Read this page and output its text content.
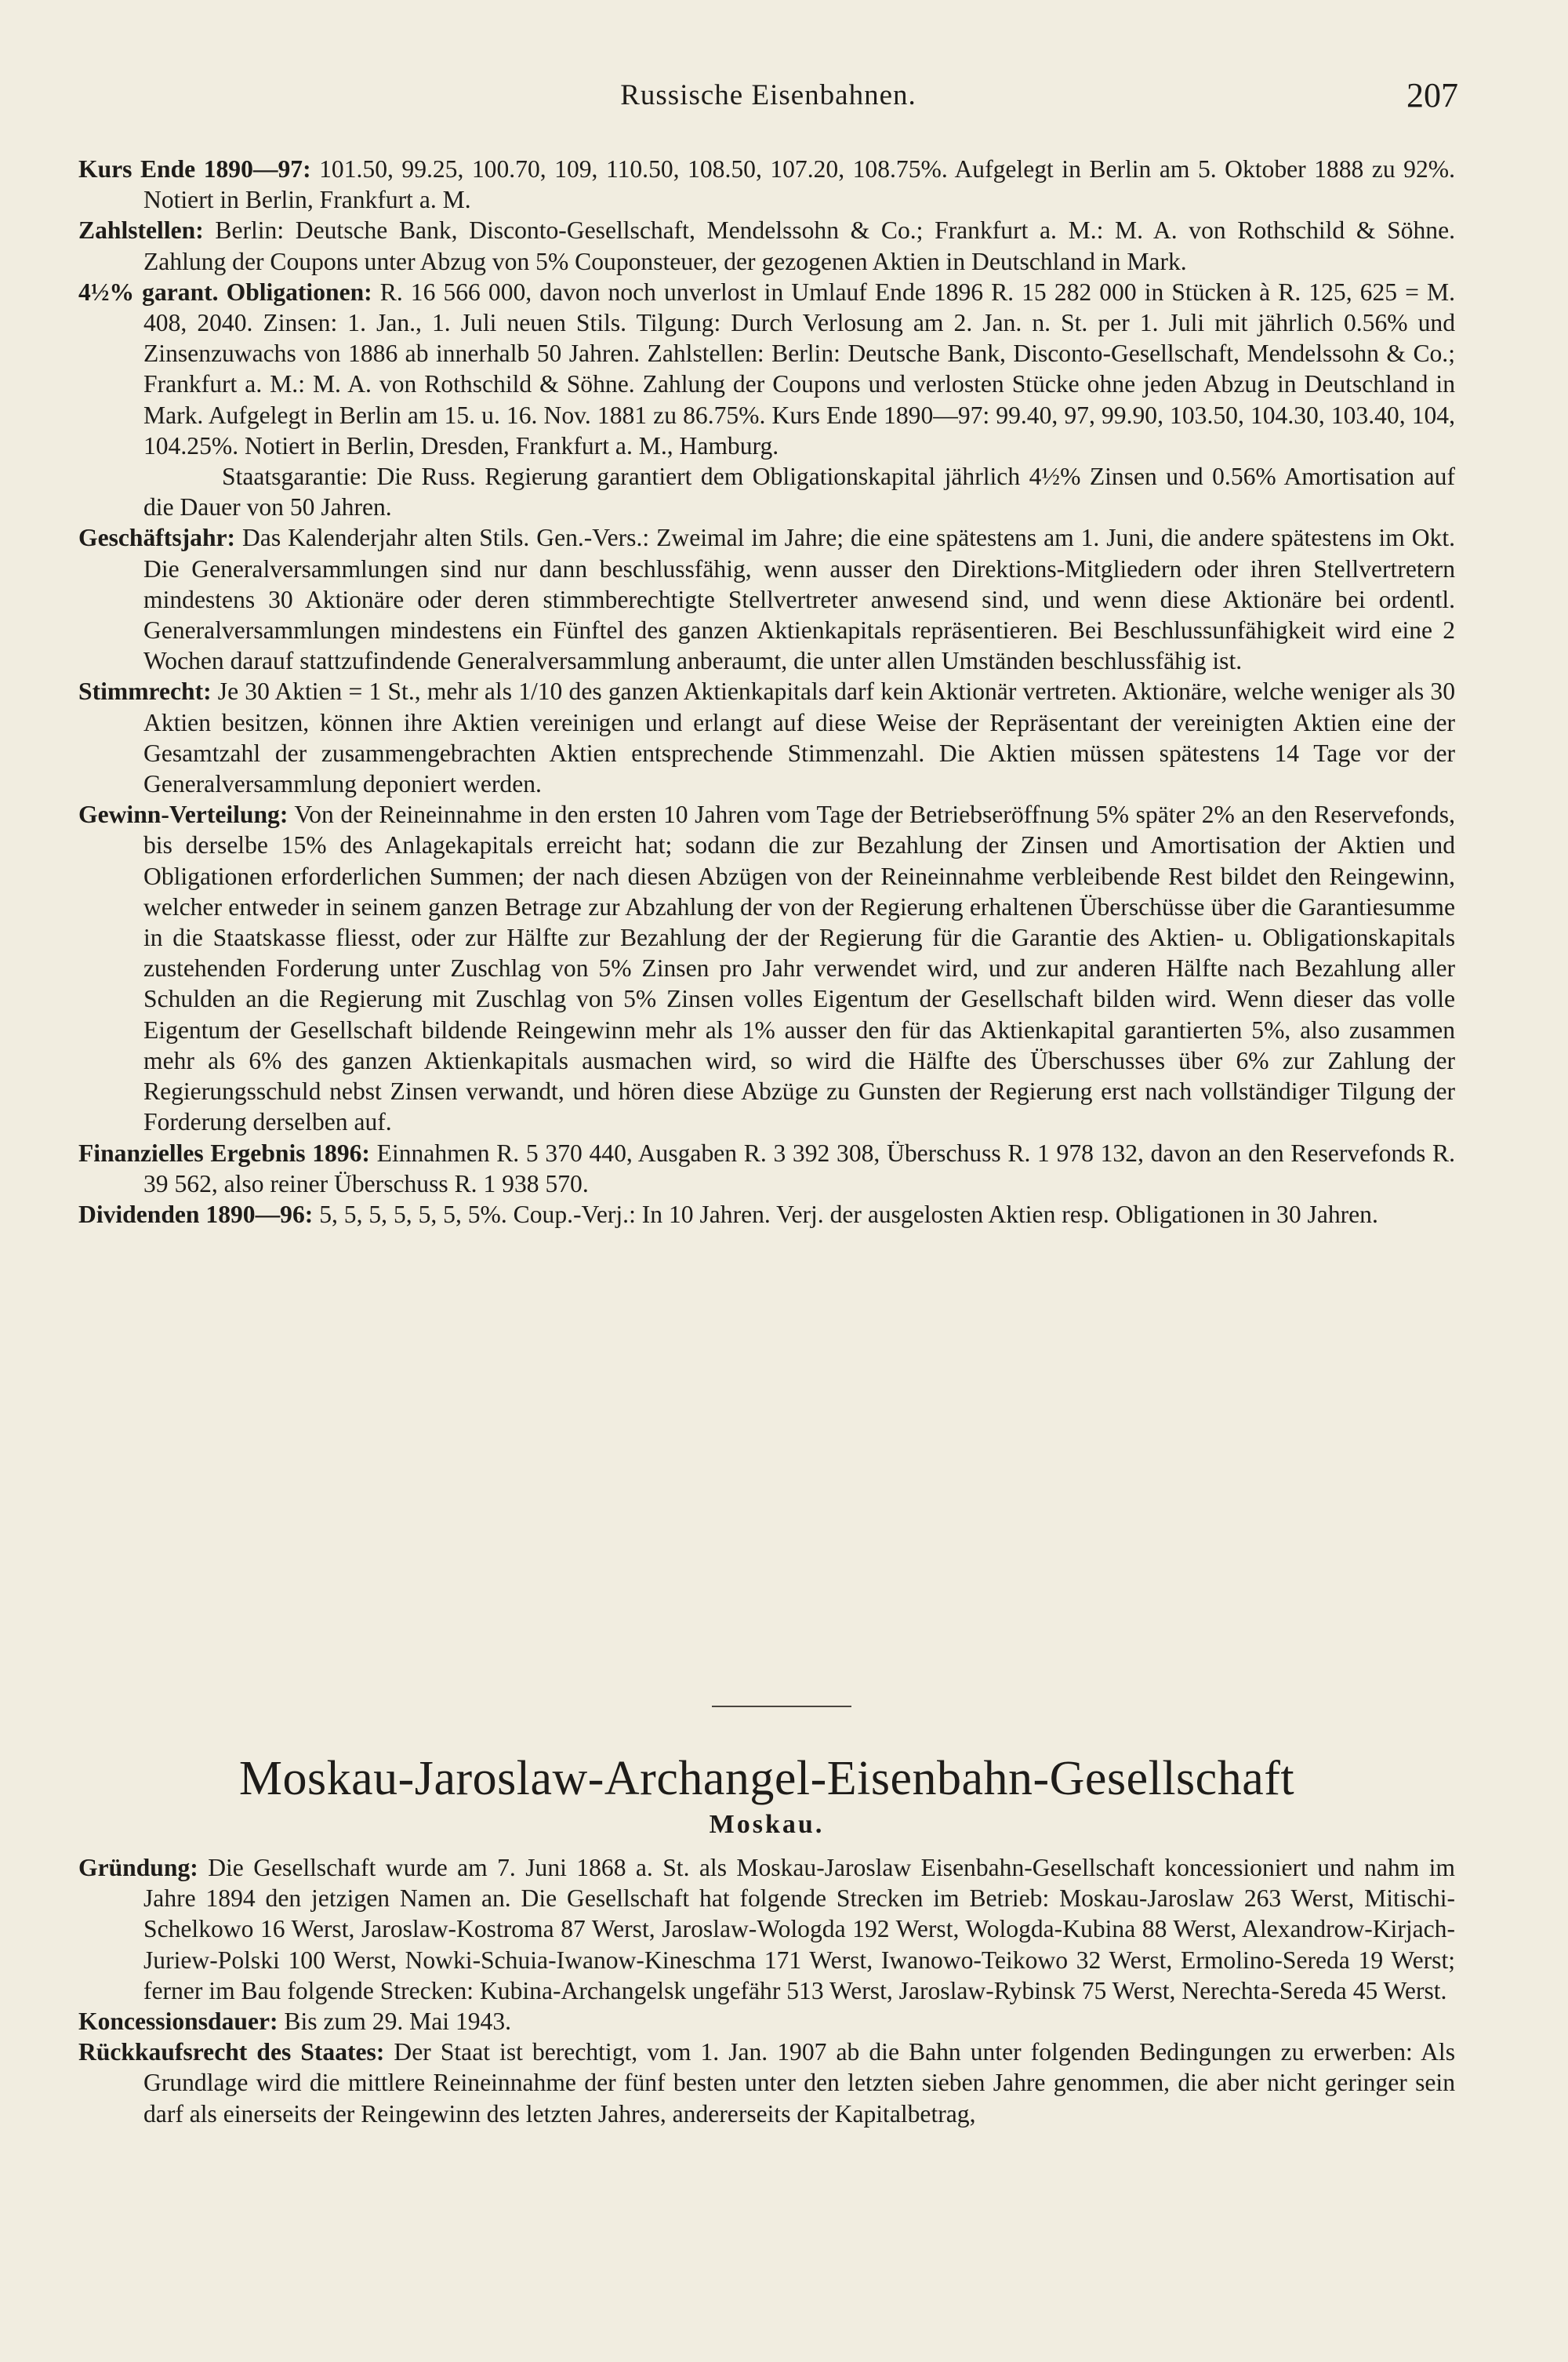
Russische Eisenbahnen.	207

Kurs Ende 1890—97: 101.50, 99.25, 100.70, 109, 110.50, 108.50, 107.20, 108.75%. Aufgelegt in Berlin am 5. Oktober 1888 zu 92%. Notiert in Berlin, Frankfurt a. M.

Zahlstellen: Berlin: Deutsche Bank, Disconto-Gesellschaft, Mendelssohn & Co.; Frankfurt a. M.: M. A. von Rothschild & Söhne. Zahlung der Coupons unter Abzug von 5% Couponsteuer, der gezogenen Aktien in Deutschland in Mark.

4½% garant. Obligationen: R. 16 566 000, davon noch unverlost in Umlauf Ende 1896 R. 15 282 000 in Stücken à R. 125, 625 = M. 408, 2040. Zinsen: 1. Jan., 1. Juli neuen Stils. Tilgung: Durch Verlosung am 2. Jan. n. St. per 1. Juli mit jährlich 0.56% und Zinsenzuwachs von 1886 ab innerhalb 50 Jahren. Zahlstellen: Berlin: Deutsche Bank, Disconto-Gesellschaft, Mendelssohn & Co.; Frankfurt a. M.: M. A. von Rothschild & Söhne. Zahlung der Coupons und verlosten Stücke ohne jeden Abzug in Deutschland in Mark. Aufgelegt in Berlin am 15. u. 16. Nov. 1881 zu 86.75%. Kurs Ende 1890—97: 99.40, 97, 99.90, 103.50, 104.30, 103.40, 104, 104.25%. Notiert in Berlin, Dresden, Frankfurt a. M., Hamburg.

Staatsgarantie: Die Russ. Regierung garantiert dem Obligationskapital jährlich 4½% Zinsen und 0.56% Amortisation auf die Dauer von 50 Jahren.

Geschäftsjahr: Das Kalenderjahr alten Stils. Gen.-Vers.: Zweimal im Jahre; die eine spätestens am 1. Juni, die andere spätestens im Okt. Die Generalversammlungen sind nur dann beschlussfähig, wenn ausser den Direktions-Mitgliedern oder ihren Stellvertretern mindestens 30 Aktionäre oder deren stimmberechtigte Stellvertreter anwesend sind, und wenn diese Aktionäre bei ordentl. Generalversammlungen mindestens ein Fünftel des ganzen Aktienkapitals repräsentieren. Bei Beschlussunfähigkeit wird eine 2 Wochen darauf stattzufindende Generalversammlung anberaumt, die unter allen Umständen beschlussfähig ist.

Stimmrecht: Je 30 Aktien = 1 St., mehr als 1/10 des ganzen Aktienkapitals darf kein Aktionär vertreten. Aktionäre, welche weniger als 30 Aktien besitzen, können ihre Aktien vereinigen und erlangt auf diese Weise der Repräsentant der vereinigten Aktien eine der Gesamtzahl der zusammengebrachten Aktien entsprechende Stimmenzahl. Die Aktien müssen spätestens 14 Tage vor der Generalversammlung deponiert werden.

Gewinn-Verteilung: Von der Reineinnahme in den ersten 10 Jahren vom Tage der Betriebseröffnung 5% später 2% an den Reservefonds, bis derselbe 15% des Anlagekapitals erreicht hat; sodann die zur Bezahlung der Zinsen und Amortisation der Aktien und Obligationen erforderlichen Summen; der nach diesen Abzügen von der Reineinnahme verbleibende Rest bildet den Reingewinn, welcher entweder in seinem ganzen Betrage zur Abzahlung der von der Regierung erhaltenen Überschüsse über die Garantiesumme in die Staatskasse fliesst, oder zur Hälfte zur Bezahlung der der Regierung für die Garantie des Aktien- u. Obligationskapitals zustehenden Forderung unter Zuschlag von 5% Zinsen pro Jahr verwendet wird, und zur anderen Hälfte nach Bezahlung aller Schulden an die Regierung mit Zuschlag von 5% Zinsen volles Eigentum der Gesellschaft bilden wird. Wenn dieser das volle Eigentum der Gesellschaft bildende Reingewinn mehr als 1% ausser den für das Aktienkapital garantierten 5%, also zusammen mehr als 6% des ganzen Aktienkapitals ausmachen wird, so wird die Hälfte des Überschusses über 6% zur Zahlung der Regierungsschuld nebst Zinsen verwandt, und hören diese Abzüge zu Gunsten der Regierung erst nach vollständiger Tilgung der Forderung derselben auf.

Finanzielles Ergebnis 1896: Einnahmen R. 5 370 440, Ausgaben R. 3 392 308, Überschuss R. 1 978 132, davon an den Reservefonds R. 39 562, also reiner Überschuss R. 1 938 570.

Dividenden 1890—96: 5, 5, 5, 5, 5, 5, 5%. Coup.-Verj.: In 10 Jahren. Verj. der ausgelosten Aktien resp. Obligationen in 30 Jahren.

Moskau-Jaroslaw-Archangel-Eisenbahn-Gesellschaft
Moskau.

Gründung: Die Gesellschaft wurde am 7. Juni 1868 a. St. als Moskau-Jaroslaw Eisenbahn-Gesellschaft koncessioniert und nahm im Jahre 1894 den jetzigen Namen an. Die Gesellschaft hat folgende Strecken im Betrieb: Moskau-Jaroslaw 263 Werst, Mitischi-Schelkowo 16 Werst, Jaroslaw-Kostroma 87 Werst, Jaroslaw-Wologda 192 Werst, Wologda-Kubina 88 Werst, Alexandrow-Kirjach-Juriew-Polski 100 Werst, Nowki-Schuia-Iwanow-Kineschma 171 Werst, Iwanowo-Teikowo 32 Werst, Ermolino-Sereda 19 Werst; ferner im Bau folgende Strecken: Kubina-Archangelsk ungefähr 513 Werst, Jaroslaw-Rybinsk 75 Werst, Nerechta-Sereda 45 Werst.

Koncessionsdauer: Bis zum 29. Mai 1943.

Rückkaufsrecht des Staates: Der Staat ist berechtigt, vom 1. Jan. 1907 ab die Bahn unter folgenden Bedingungen zu erwerben: Als Grundlage wird die mittlere Reineinnahme der fünf besten unter den letzten sieben Jahre genommen, die aber nicht geringer sein darf als einerseits der Reingewinn des letzten Jahres, andererseits der Kapitalbetrag,
